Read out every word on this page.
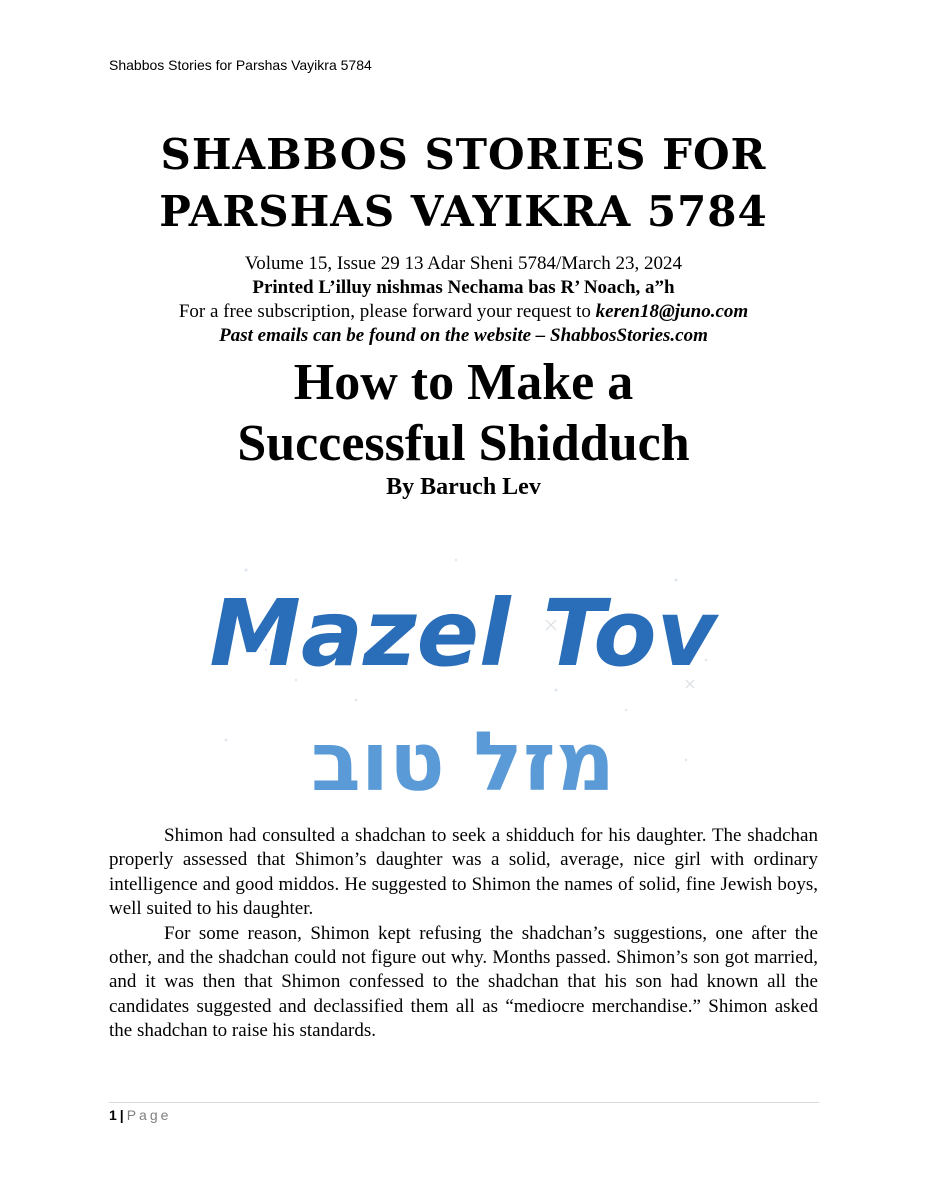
Shabbos Stories for Parshas Vayikra 5784
SHABBOS STORIES FOR
PARSHAS VAYIKRA 5784
Volume 15, Issue 29 13 Adar Sheni 5784/March 23, 2024
Printed L’illuy nishmas Nechama bas R’ Noach, a”h
For a free subscription, please forward your request to keren18@juno.com
Past emails can be found on the website – ShabbosStories.com
How to Make a
Successful Shidduch
By Baruch Lev
Mazel Tov
מזל טוב

Shimon had consulted a shadchan to seek a shidduch for his daughter. The shadchan properly assessed that Shimon’s daughter was a solid, average, nice girl with ordinary intelligence and good middos. He suggested to Shimon the names of solid, fine Jewish boys, well suited to his daughter.

For some reason, Shimon kept refusing the shadchan’s suggestions, one after the other, and the shadchan could not figure out why. Months passed. Shimon’s son got married, and it was then that Shimon confessed to the shadchan that his son had known all the candidates suggested and declassified them all as “mediocre merchandise.” Shimon asked the shadchan to raise his standards.

1 | Page
